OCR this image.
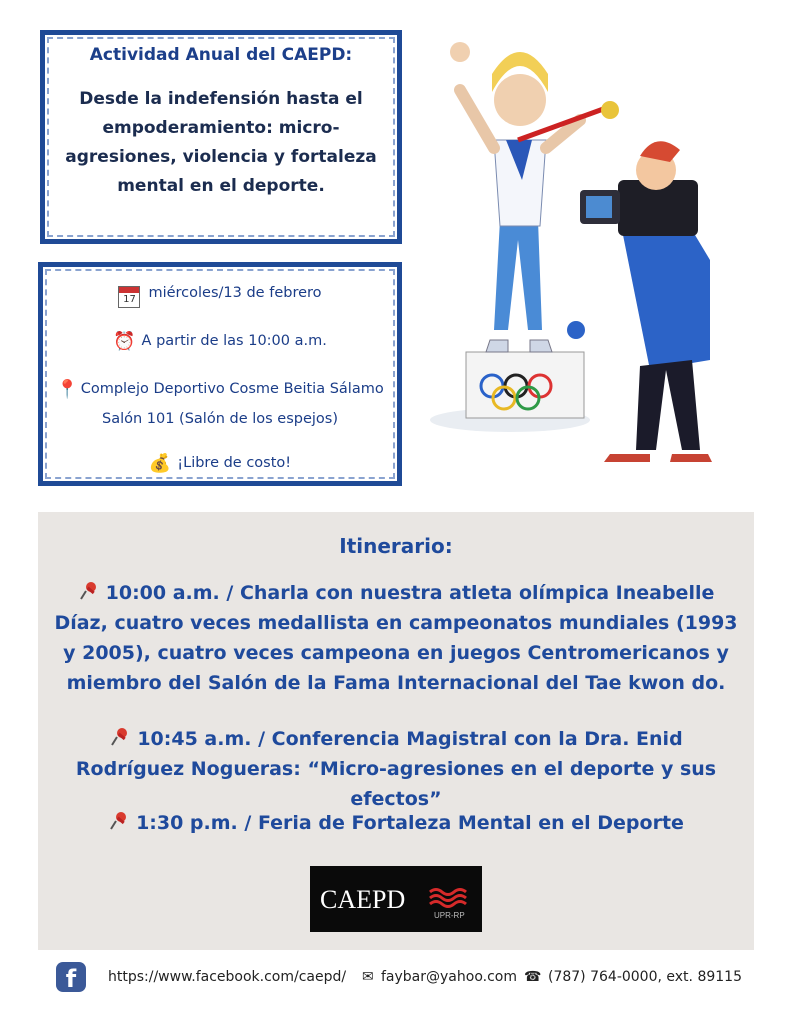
Actividad Anual del CAEPD:
Desde la indefensión hasta el empoderamiento: micro-agresiones, violencia y fortaleza mental en el deporte.
17 miércoles/13 de febrero
⏰ A partir de las 10:00 a.m.
📍 Complejo Deportivo Cosme Beitia Sálamo
Salón 101 (Salón de los espejos)
💰 ¡Libre de costo!
Itinerario:
10:00 a.m. / Charla con nuestra atleta olímpica Ineabelle Díaz, cuatro veces medallista en campeonatos mundiales (1993 y 2005), cuatro veces campeona en juegos Centromericanos y miembro del Salón de la Fama Internacional del Tae kwon do.
10:45 a.m. / Conferencia Magistral con la Dra. Enid Rodríguez Nogueras: “Micro-agresiones en el deporte y sus efectos”
1:30 p.m. / Feria de Fortaleza Mental en el Deporte
CAEPD
UPR-RP
f	https://www.facebook.com/caepd/ ✉ faybar@yahoo.com ☎ (787) 764-0000, ext. 89115
